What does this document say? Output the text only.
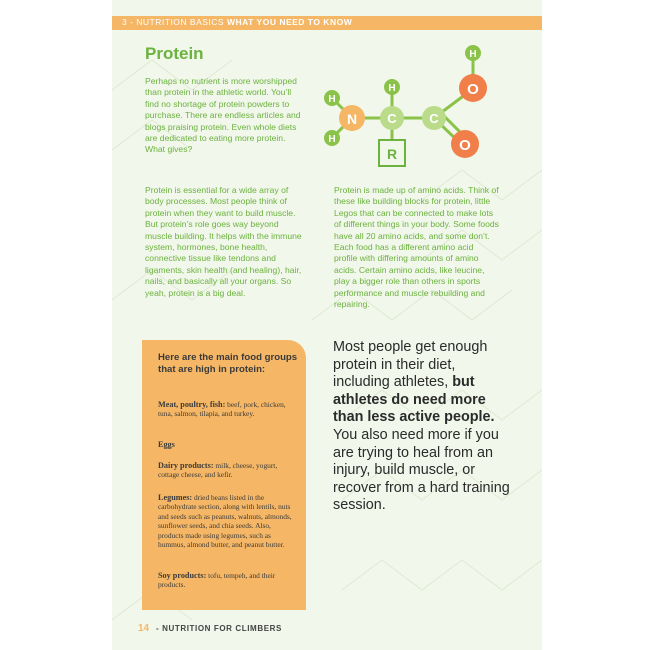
3 - NUTRITION BASICS WHAT YOU NEED TO KNOW
Protein

Perhaps no nutrient is more worshipped than protein in the athletic world. You’ll find no shortage of protein powders to purchase. There are endless articles and blogs praising protein. Even whole diets are dedicated to eating more protein. What gives?

Protein is essential for a wide array of body processes. Most people think of protein when they want to build muscle. But protein’s role goes way beyond muscle building. It helps with the immune system, hormones, bone health, connective tissue like tendons and ligaments, skin health (and healing), hair, nails, and basically all your organs. So yeah, protein is a big deal.

Protein is made up of amino acids. Think of these like building blocks for protein, little Legos that can be connected to make lots of different things in your body. Some foods have all 20 amino acids, and some don’t. Each food has a different amino acid profile with differing amounts of amino acids. Certain amino acids, like leucine, play a bigger role than others in sports performance and muscle rebuilding and repairing.

H
O
H
H
N
H
C	C
O
R

Here are the main food groups that are high in protein:

Meat, poultry, fish: beef, pork, chicken, tuna, salmon, tilapia, and turkey.

Eggs

Dairy products: milk, cheese, yogurt, cottage cheese, and kefir.

Legumes: dried beans listed in the carbohydrate section, along with lentils, nuts and seeds such as peanuts, walnuts, almonds, sunflower seeds, and chia seeds. Also, products made using legumes, such as hummus, almond butter, and peanut butter.

Soy products: tofu, tempeh, and their products.

Most people get enough protein in their diet, including athletes, but athletes do need more than less active people. You also need more if you are trying to heal from an injury, build muscle, or recover from a hard training session.

14 - NUTRITION FOR CLIMBERS
